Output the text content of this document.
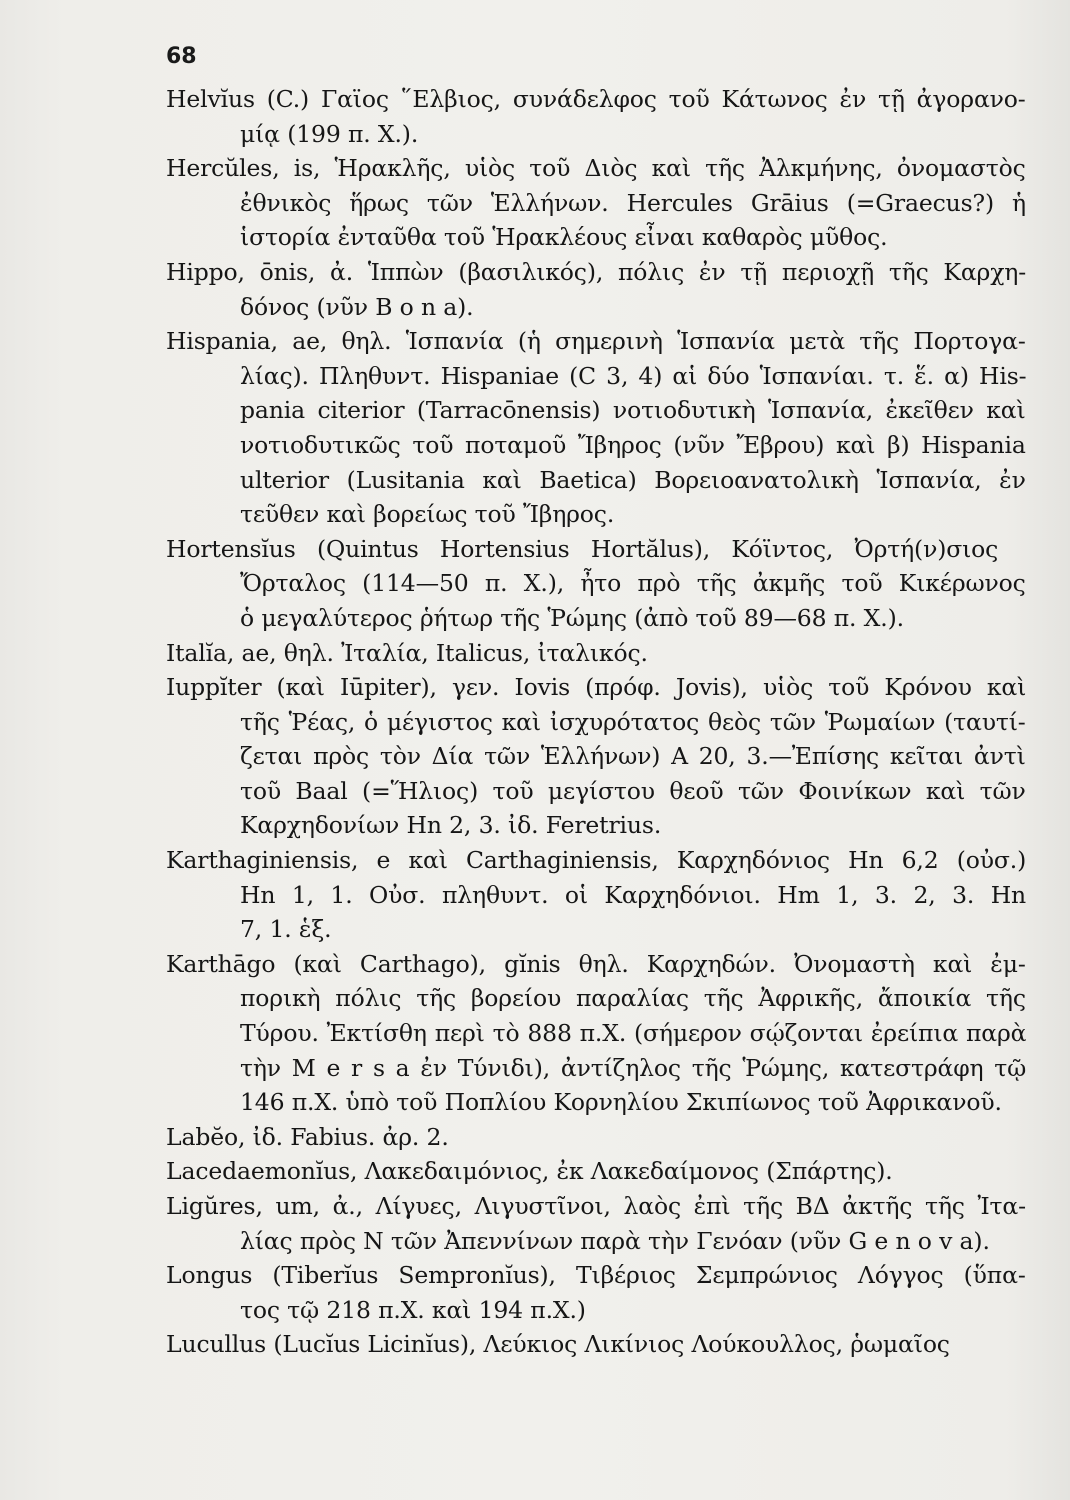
68
Helvĭus (C.) Γαϊος ῞Ελβιος, συνάδελφος τοῦ Κάτωνος ἐν τῇ ἀγορανο-
μίᾳ (199 π. Χ.).
Hercŭles, is, Ἡρακλῆς, υἱὸς τοῦ Διὸς καὶ τῆς Ἀλκμήνης, ὀνομαστὸς
ἐθνικὸς ἥρως τῶν Ἑλλήνων. Hercules Grāius (=Graecus?) ἡ
ἱστορία ἐνταῦθα τοῦ Ἡρακλέους εἶναι καθαρὸς μῦθος.
Hippo, ōnis, ἀ. Ἱππὼν (βασιλικός), πόλις ἐν τῇ περιοχῇ τῆς Καρχη-
δόνος (νῦν B o n a).
Hispania, ae, θηλ. Ἱσπανία (ἡ σημερινὴ Ἱσπανία μετὰ τῆς Πορτογα-
λίας). Πληθυντ. Hispaniae (C 3, 4) αἱ δύο Ἱσπανίαι. τ. ἕ. α) His-
pania citerior (Tarracōnensis) νοτιοδυτικὴ Ἱσπανία, ἐκεῖθεν καὶ
νοτιοδυτικῶς τοῦ ποταμοῦ Ἴβηρος (νῦν Ἔβρου) καὶ β) Hispania
ulterior (Lusitania καὶ Baetica) Βορειοανατολικὴ Ἱσπανία, ἐν
τεῦθεν καὶ βορείως τοῦ Ἴβηρος.
Hortensĭus (Quintus Hortensius Hortălus), Κόϊντος, Ὀρτή(ν)σιος
Ὄρταλος (114—50 π. Χ.), ἦτο πρὸ τῆς ἀκμῆς τοῦ Κικέρωνος
ὁ μεγαλύτερος ῥήτωρ τῆς Ῥώμης (ἀπὸ τοῦ 89—68 π. Χ.).
Italĭa, ae, θηλ. Ἰταλία, Italicus, ἰταλικός.
Iuppĭter (καὶ Iūpiter), γεν. Iovis (πρόφ. Jovis), υἱὸς τοῦ Κρόνου καὶ
τῆς Ῥέας, ὁ μέγιστος καὶ ἰσχυρότατος θεὸς τῶν Ῥωμαίων (ταυτί-
ζεται πρὸς τὸν Δία τῶν Ἑλλήνων) A 20, 3.—Ἐπίσης κεῖται ἀντὶ
τοῦ Baal (=Ἥλιος) τοῦ μεγίστου θεοῦ τῶν Φοινίκων καὶ τῶν
Καρχηδονίων Hn 2, 3. ἰδ. Feretrius.
Karthaginiensis, e καὶ Carthaginiensis, Καρχηδόνιος Hn 6,2 (οὐσ.)
Hn 1, 1. Οὐσ. πληθυντ. οἱ Καρχηδόνιοι. Hm 1, 3. 2, 3. Hn
7, 1. ἑξ.
Karthāgo (καὶ Carthago), gĭnis θηλ. Καρχηδών. Ὀνομαστὴ καὶ ἐμ-
πορικὴ πόλις τῆς βορείου παραλίας τῆς Ἀφρικῆς, ἄποικία τῆς
Τύρου. Ἐκτίσθη περὶ τὸ 888 π.Χ. (σήμερον σῴζονται ἐρείπια παρὰ
τὴν M e r s a ἐν Τύνιδι), ἀντίζηλος τῆς Ῥώμης, κατεστράφη τῷ
146 π.Χ. ὑπὸ τοῦ Ποπλίου Κορνηλίου Σκιπίωνος τοῦ Ἀφρικανοῦ.
Labĕo, ἰδ. Fabius. ἀρ. 2.
Lacedaemonĭus, Λακεδαιμόνιος, ἐκ Λακεδαίμονος (Σπάρτης).
Ligŭres, um, ἀ., Λίγυες, Λιγυστῖνοι, λαὸς ἐπὶ τῆς ΒΔ ἀκτῆς τῆς Ἰτα-
λίας πρὸς Ν τῶν Ἀπεννίνων παρὰ τὴν Γενόαν (νῦν G e n o v a).
Longus (Tiberĭus Sempronĭus), Τιβέριος Σεμπρώνιος Λόγγος (ὕπα-
τος τῷ 218 π.Χ. καὶ 194 π.Χ.)
Lucullus (Lucĭus Licinĭus), Λεύκιος Λικίνιος Λούκουλλος, ῥωμαῖος
